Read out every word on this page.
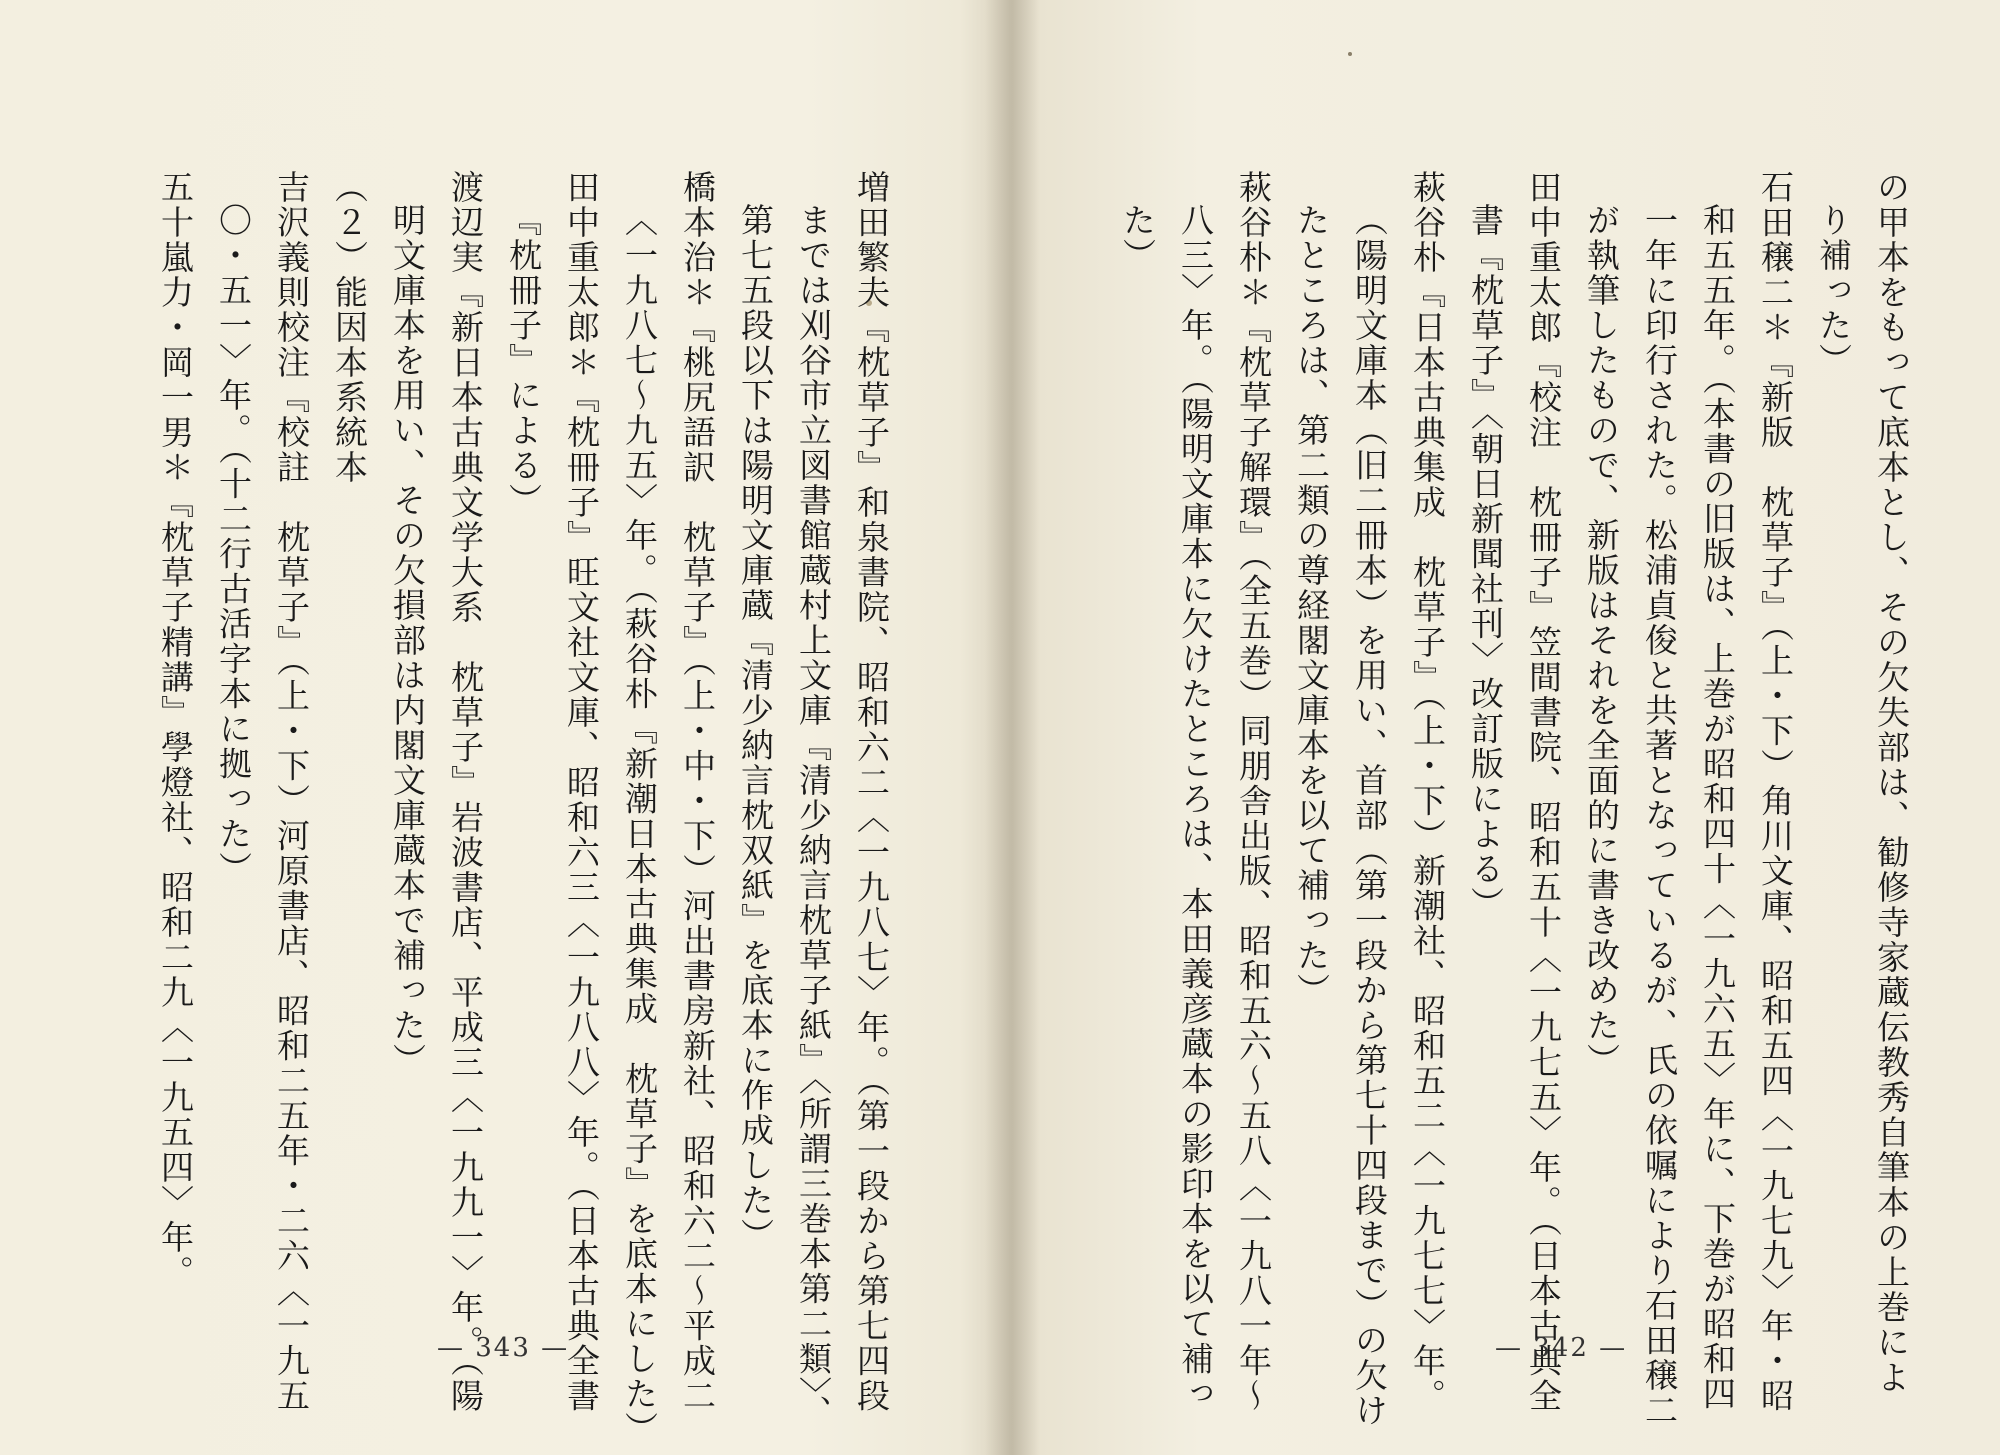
の甲本をもって底本とし、その欠失部は、勧修寺家蔵伝教秀自筆本の上巻によ
り補った）
石田穣二＊『新版　枕草子』（上・下）角川文庫、昭和五四〈一九七九〉年・昭
和五五年。（本書の旧版は、上巻が昭和四十〈一九六五〉年に、下巻が昭和四
一年に印行された。松浦貞俊と共著となっているが、氏の依嘱により石田穣二
が執筆したもので、新版はそれを全面的に書き改めた）
田中重太郎『校注　枕冊子』笠間書院、昭和五十〈一九七五〉年。（日本古典全
書『枕草子』〈朝日新聞社刊〉改訂版による）
萩谷朴『日本古典集成　枕草子』（上・下）新潮社、昭和五二〈一九七七〉年。
（陽明文庫本（旧二冊本）を用い、首部（第一段から第七十四段まで）の欠け
たところは、第二類の尊経閣文庫本を以て補った）
萩谷朴＊『枕草子解環』（全五巻）同朋舎出版、昭和五六〜五八〈一九八一年〜
八三〉年。（陽明文庫本に欠けたところは、本田義彦蔵本の影印本を以て補っ
た）
— 342 —
増田繁夫『枕草子』和泉書院、昭和六二〈一九八七〉年。（第一段から第七四段
までは刈谷市立図書館蔵村上文庫『清少納言枕草子紙』〈所謂三巻本第二類〉、
第七五段以下は陽明文庫蔵『清少納言枕双紙』を底本に作成した）
橋本治＊『桃尻語訳　枕草子』（上・中・下）河出書房新社、昭和六二〜平成二
〈一九八七〜九五〉年。（萩谷朴『新潮日本古典集成　枕草子』を底本にした）
田中重太郎＊『枕冊子』旺文社文庫、昭和六三〈一九八八〉年。（日本古典全書
『枕冊子』による）
渡辺実『新日本古典文学大系　枕草子』岩波書店、平成三〈一九九一〉年。（陽
明文庫本を用い、その欠損部は内閣文庫蔵本で補った）
（２）能因本系統本
吉沢義則校注『校註　枕草子』（上・下）河原書店、昭和二五年・二六〈一九五
〇・五一〉年。（十二行古活字本に拠った）
五十嵐力・岡一男＊『枕草子精講』學燈社、昭和二九〈一九五四〉年。
— 343 —
